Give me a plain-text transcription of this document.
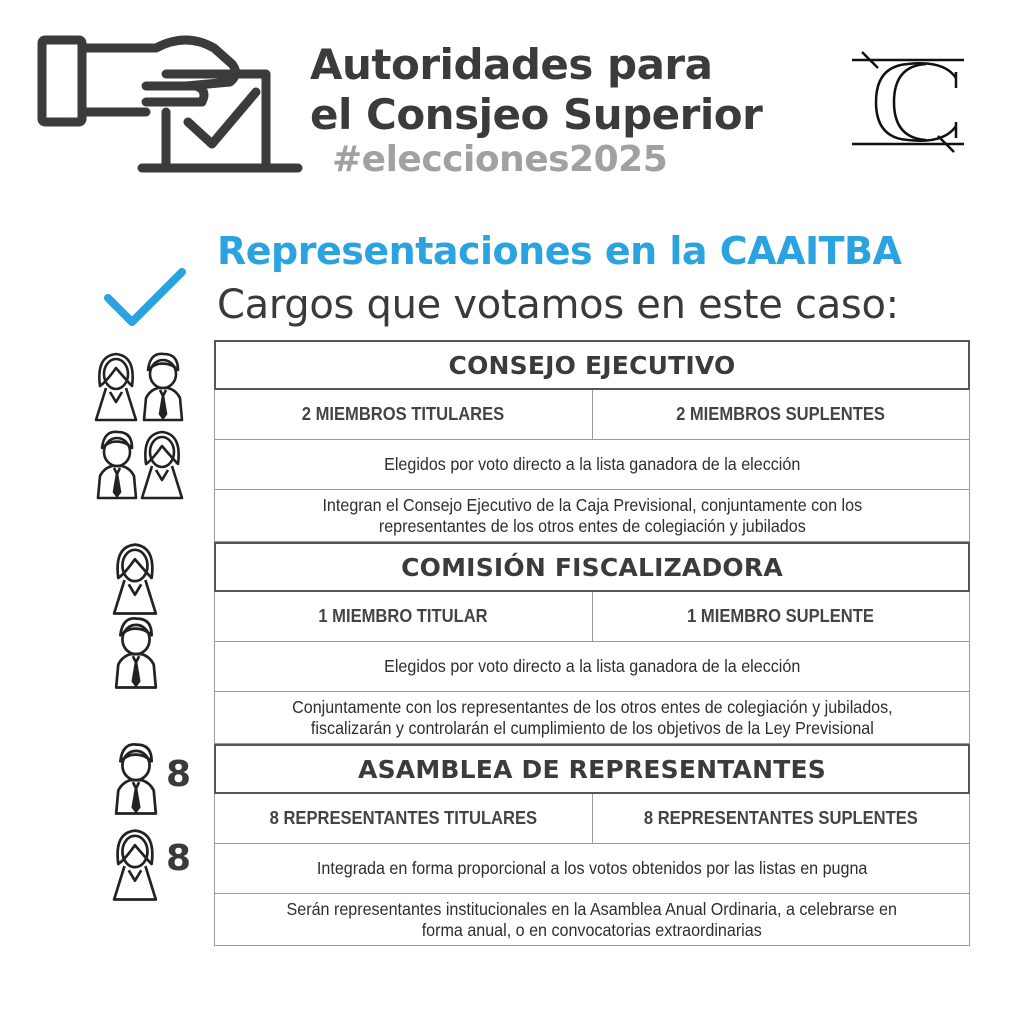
Autoridades para
el Consjeo Superior
#elecciones2025
Representaciones en la CAAITBA
Cargos que votamos en este caso:
8
8
CONSEJO EJECUTIVO
2 MIEMBROS TITULARES	2 MIEMBROS SUPLENTES
Elegidos por voto directo a la lista ganadora de la elección
Integran el Consejo Ejecutivo de la Caja Previsional, conjuntamente con los
representantes de los otros entes de colegiación y jubilados
COMISIÓN FISCALIZADORA
1 MIEMBRO TITULAR	1 MIEMBRO SUPLENTE
Elegidos por voto directo a la lista ganadora de la elección
Conjuntamente con los representantes de los otros entes de colegiación y jubilados,
fiscalizarán y controlarán el cumplimiento de los objetivos de la Ley Previsional
ASAMBLEA DE REPRESENTANTES
8 REPRESENTANTES TITULARES	8 REPRESENTANTES SUPLENTES
Integrada en forma proporcional a los votos obtenidos por las listas en pugna
Serán representantes institucionales en la Asamblea Anual Ordinaria, a celebrarse en
forma anual, o en convocatorias extraordinarias
